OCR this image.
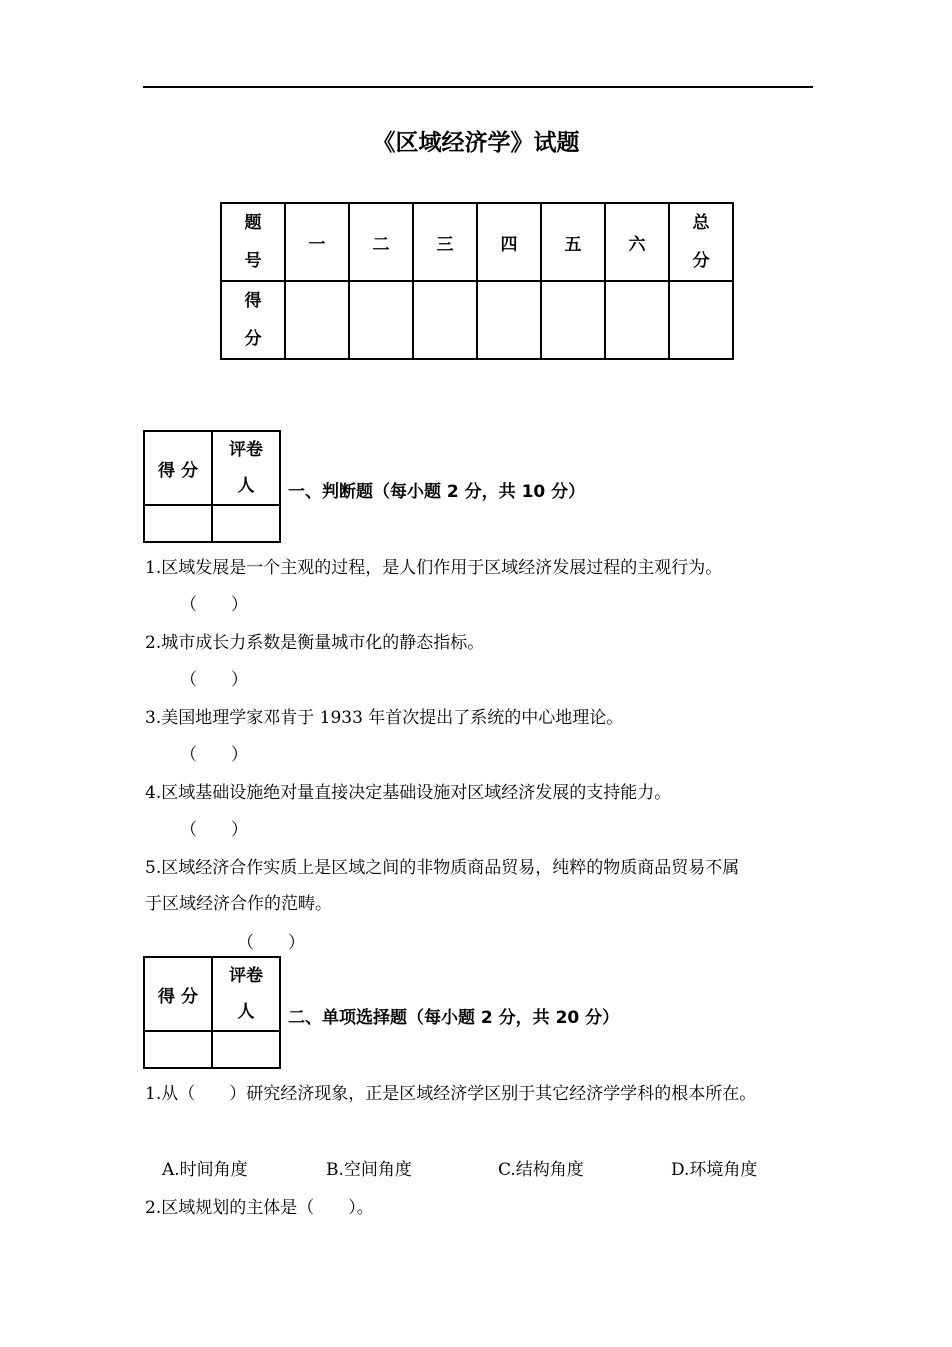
《区域经济学》试题
题号	一	二	三	四	五	六	总分

得分							

得 分	评卷人

		一、判断题（每小题 2 分，共 10 分）
1.区域发展是一个主观的过程，是人们作用于区域经济发展过程的主观行为。
（　　）
2.城市成长力系数是衡量城市化的静态指标。
（　　）
3.美国地理学家邓肯于 1933 年首次提出了系统的中心地理论。
（　　）
4.区域基础设施绝对量直接决定基础设施对区域经济发展的支持能力。
（　　）
5.区域经济合作实质上是区域之间的非物质商品贸易，纯粹的物质商品贸易不属
于区域经济合作的范畴。
（　　）
得 分	评卷人

		二、单项选择题（每小题 2 分，共 20 分）
1.从（　　）研究经济现象，正是区域经济学区别于其它经济学学科的根本所在。
A.时间角度	B.空间角度	C.结构角度	D.环境角度
2.区域规划的主体是（　　）。
